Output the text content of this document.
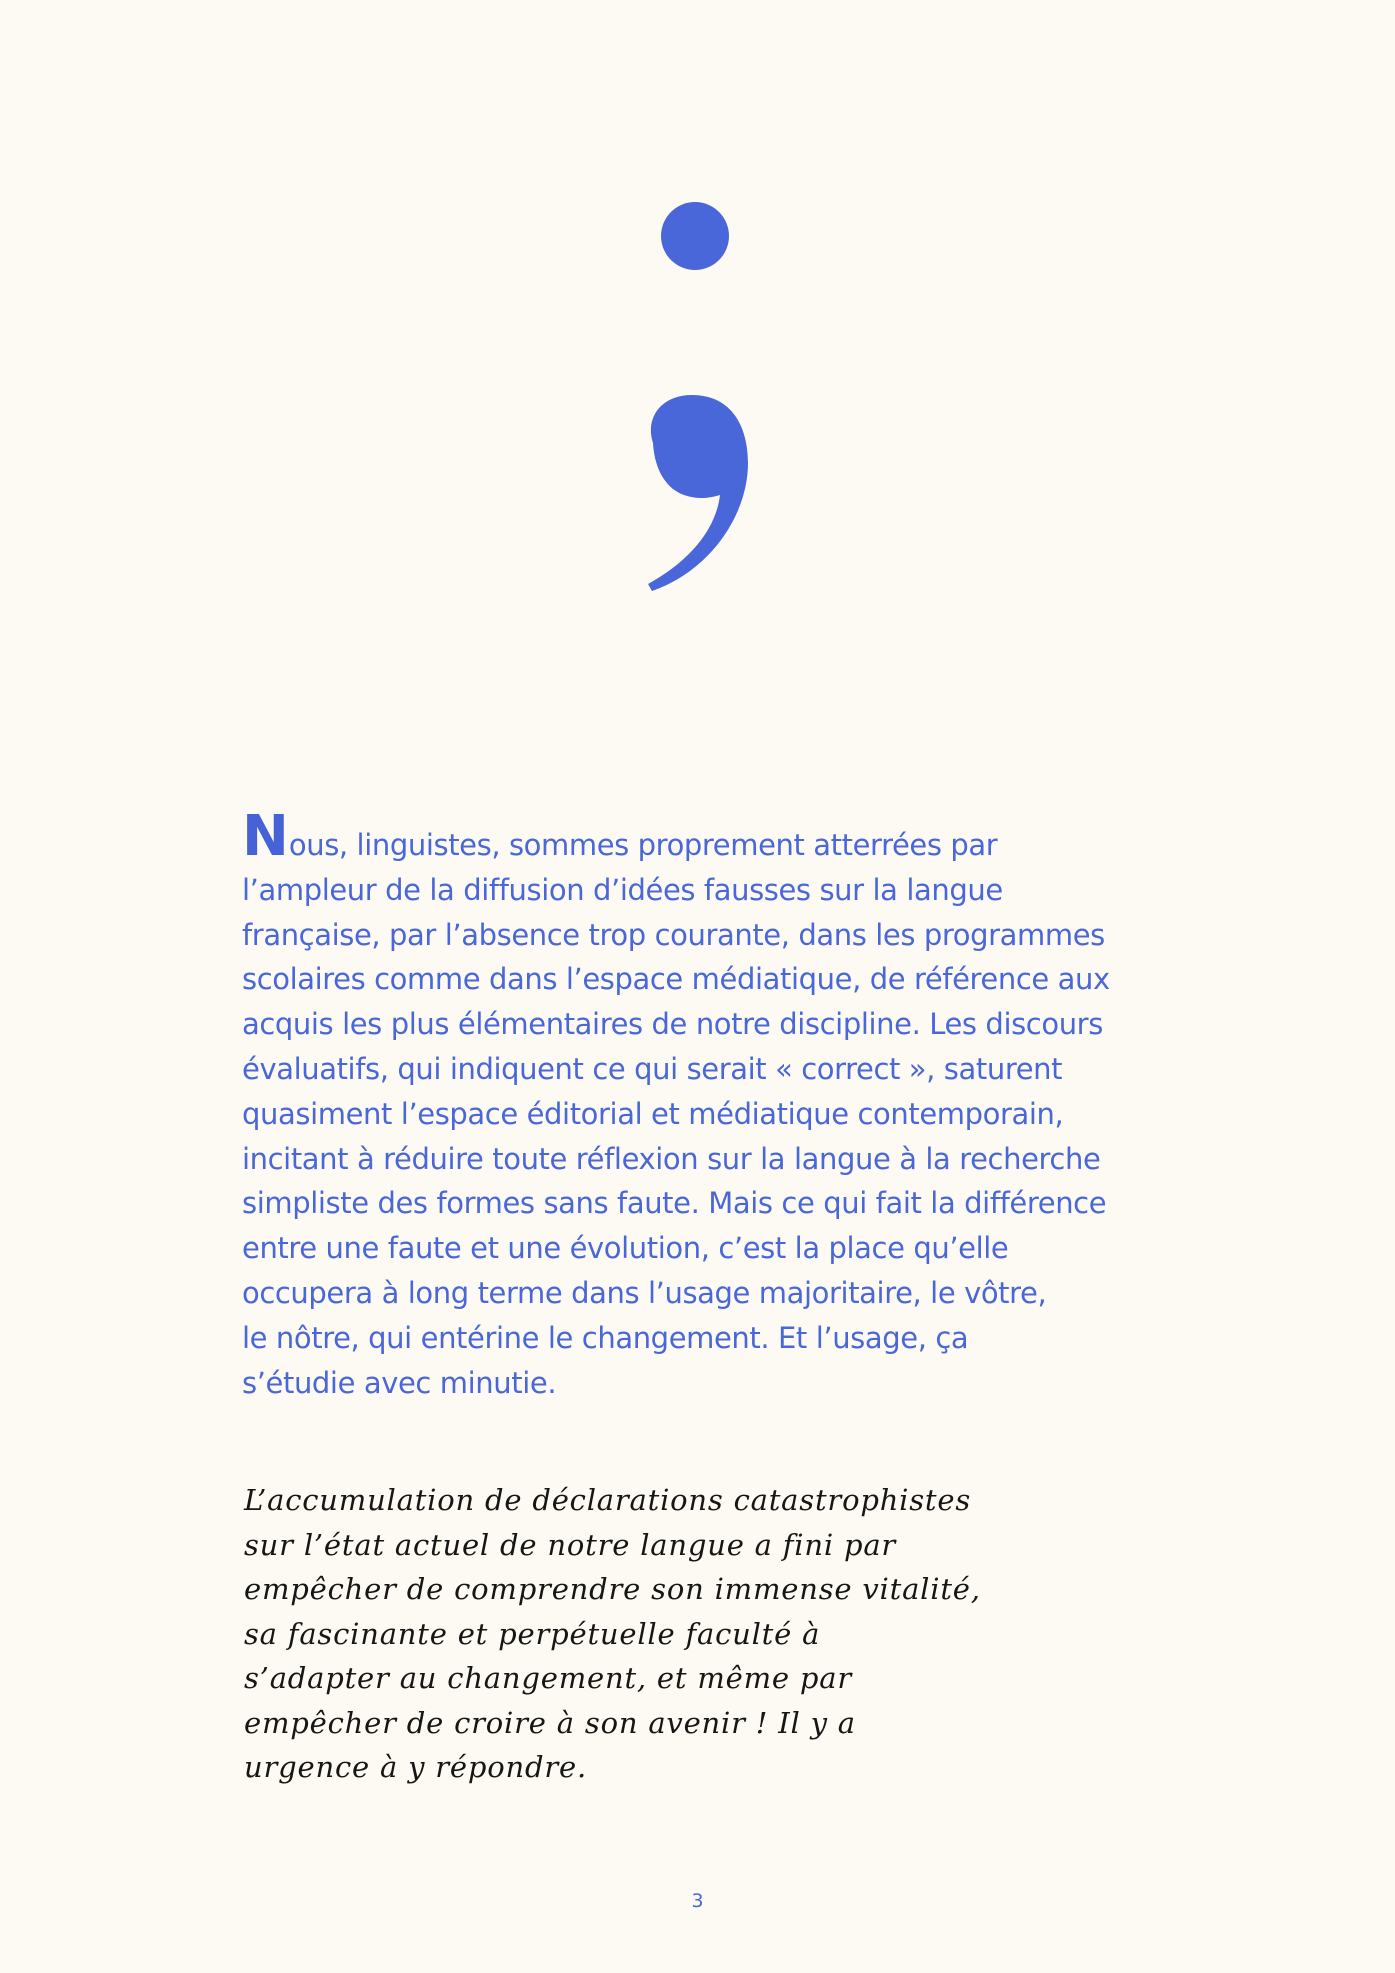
Nous, linguistes, sommes proprement atterrées par
l’ampleur de la diffusion d’idées fausses sur la langue
française, par l’absence trop courante, dans les programmes
scolaires comme dans l’espace médiatique, de référence aux
acquis les plus élémentaires de notre discipline. Les discours
évaluatifs, qui indiquent ce qui serait « correct », saturent
quasiment l’espace éditorial et médiatique contemporain,
incitant à réduire toute réflexion sur la langue à la recherche
simpliste des formes sans faute. Mais ce qui fait la différence
entre une faute et une évolution, c’est la place qu’elle
occupera à long terme dans l’usage majoritaire, le vôtre,
le nôtre, qui entérine le changement. Et l’usage, ça
s’étudie avec minutie.

L’accumulation de déclarations catastrophistes
sur l’état actuel de notre langue a fini par
empêcher de comprendre son immense vitalité,
sa fascinante et perpétuelle faculté à
s’adapter au changement, et même par
empêcher de croire à son avenir ! Il y a
urgence à y répondre.

3
